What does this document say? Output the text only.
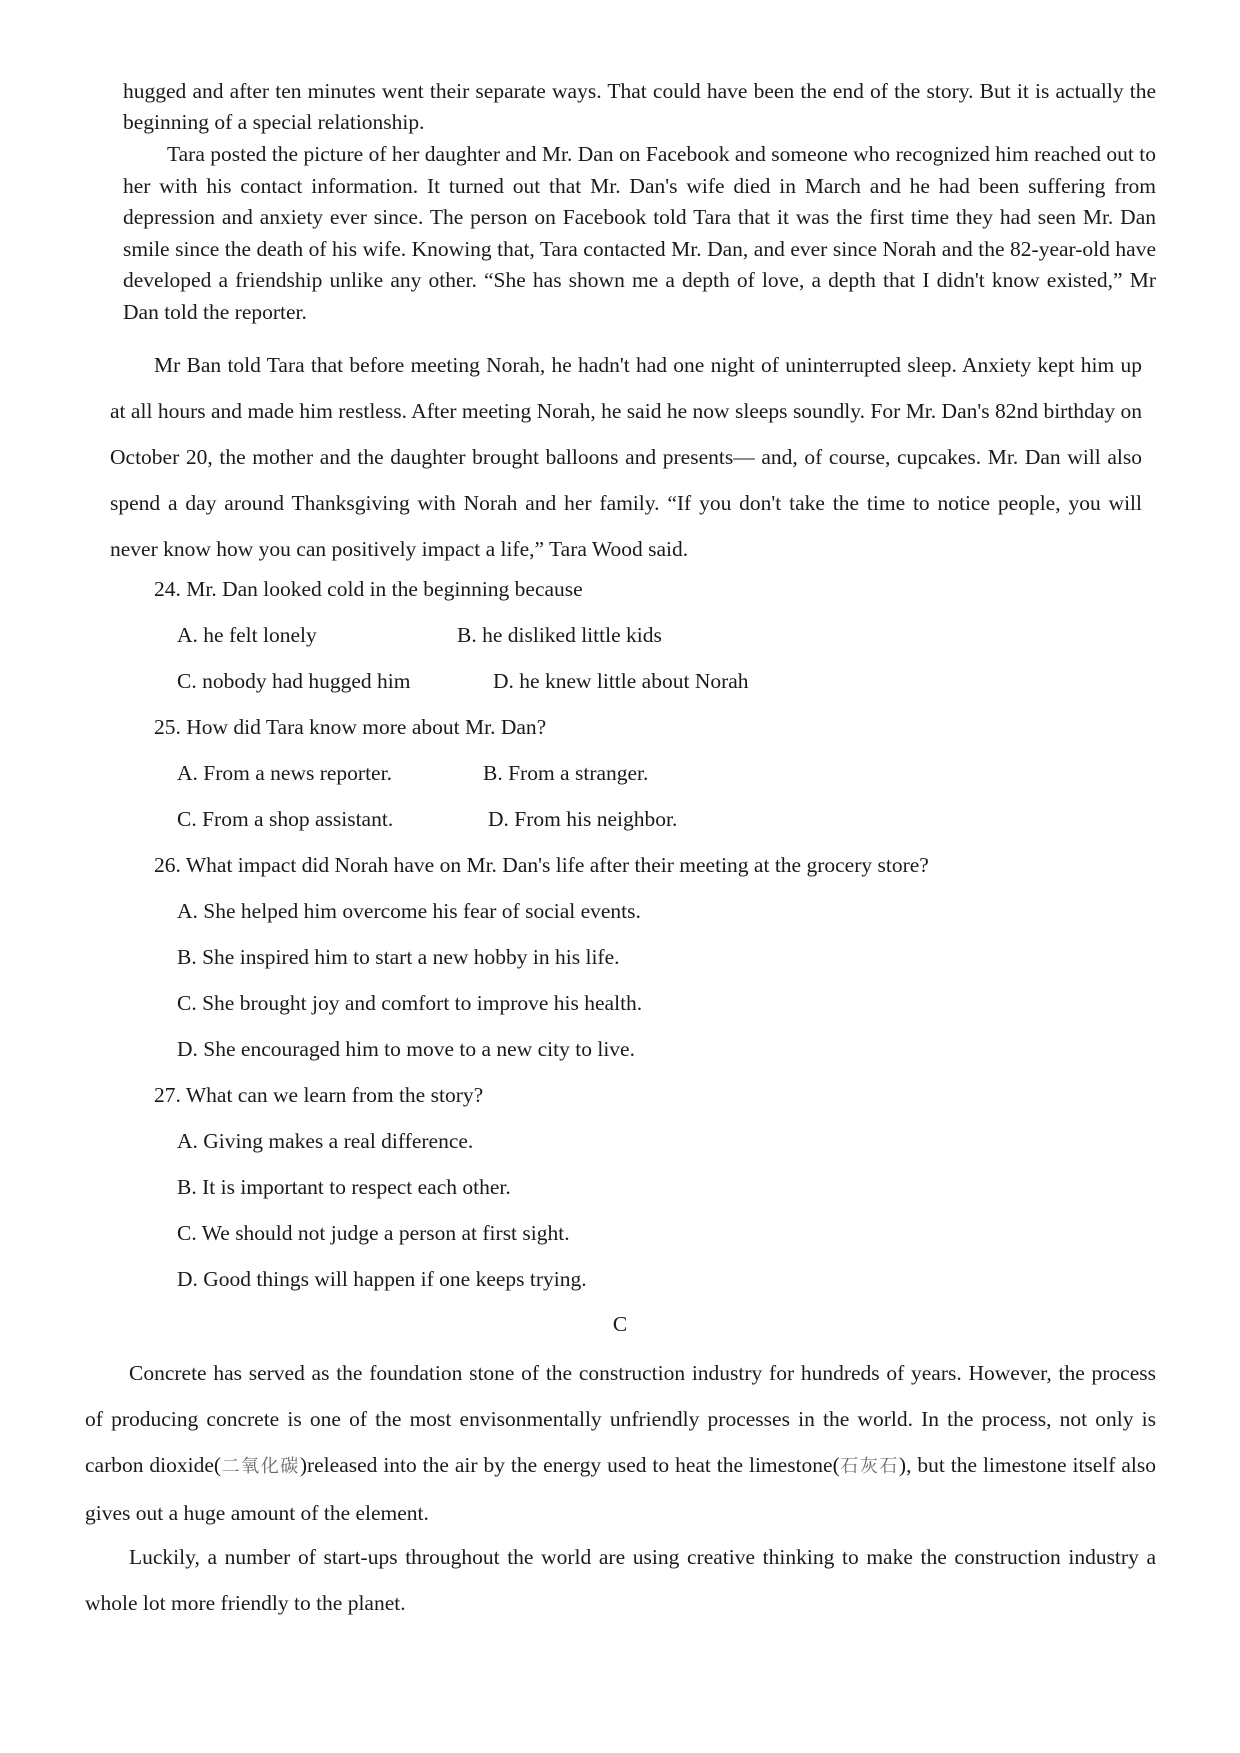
hugged and after ten minutes went their separate ways. That could have been the end of the story. But it is actually the beginning of a special relationship.

Tara posted the picture of her daughter and Mr. Dan on Facebook and someone who recognized him reached out to her with his contact information. It turned out that Mr. Dan's wife died in March and he had been suffering from depression and anxiety ever since. The person on Facebook told Tara that it was the first time they had seen Mr. Dan smile since the death of his wife. Knowing that, Tara contacted Mr. Dan, and ever since Norah and the 82-year-old have developed a friendship unlike any other. “She has shown me a depth of love, a depth that I didn't know existed,” Mr Dan told the reporter.

Mr Ban told Tara that before meeting Norah, he hadn't had one night of uninterrupted sleep. Anxiety kept him up at all hours and made him restless. After meeting Norah, he said he now sleeps soundly. For Mr. Dan's 82nd birthday on October 20, the mother and the daughter brought balloons and presents— and, of course, cupcakes. Mr. Dan will also spend a day around Thanksgiving with Norah and her family. “If you don't take the time to notice people, you will never know how you can positively impact a life,” Tara Wood said.

24. Mr. Dan looked cold in the beginning because
A. he felt lonely	B. he disliked little kids
C. nobody had hugged him	D. he knew little about Norah
25. How did Tara know more about Mr. Dan?
A. From a news reporter.	B. From a stranger.
C. From a shop assistant.	D. From his neighbor.
26. What impact did Norah have on Mr. Dan's life after their meeting at the grocery store?
A. She helped him overcome his fear of social events.
B. She inspired him to start a new hobby in his life.
C. She brought joy and comfort to improve his health.
D. She encouraged him to move to a new city to live.
27. What can we learn from the story?
A. Giving makes a real difference.
B. It is important to respect each other.
C. We should not judge a person at first sight.
D. Good things will happen if one keeps trying.
C

Concrete has served as the foundation stone of the construction industry for hundreds of years. However, the process of producing concrete is one of the most envisonmentally unfriendly processes in the world. In the process, not only is carbon dioxide(二氧化碳)released into the air by the energy used to heat the limestone(石灰石), but the limestone itself also gives out a huge amount of the element.

Luckily, a number of start-ups throughout the world are using creative thinking to make the construction industry a whole lot more friendly to the planet.
